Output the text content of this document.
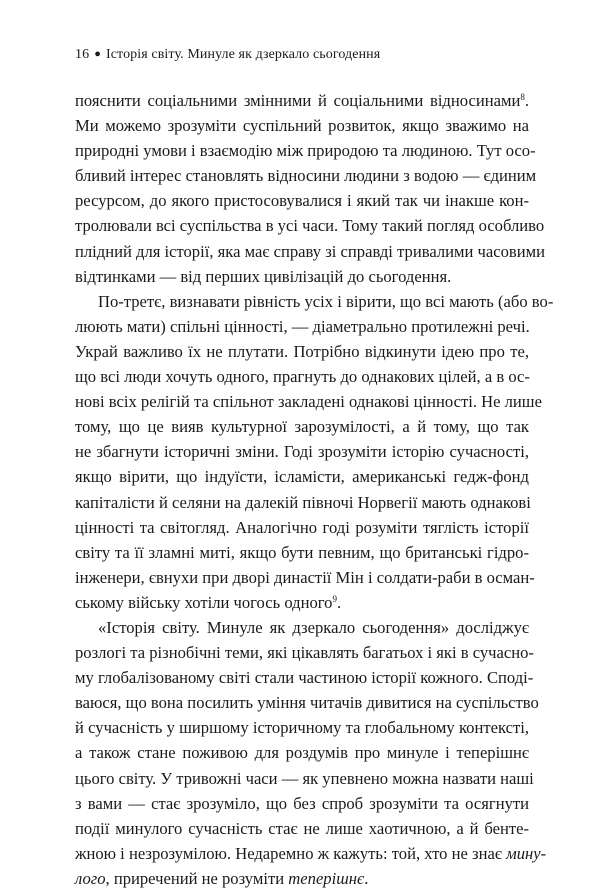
16 ● Історія світу. Минуле як дзеркало сьогодення
пояснити соціальними змінними й соціальними відносинами$^8$.
Ми можемо зрозуміти суспільний розвиток, якщо зважимо на
природні умови і взаємодію між природою та людиною. Тут осо-
бливий інтерес становлять відносини людини з водою — єдиним
ресурсом, до якого пристосовувалися і який так чи інакше кон-
тролювали всі суспільства в усі часи. Тому такий погляд особливо
плідний для історії, яка має справу зі справді тривалими часовими
відтинками — від перших цивілізацій до сьогодення.
По-третє, визнавати рівність усіх і вірити, що всі мають (або во-
люють мати) спільні цінності, — діаметрально протилежні речі.
Украй важливо їх не плутати. Потрібно відкинути ідею про те,
що всі люди хочуть одного, прагнуть до однакових цілей, а в ос-
нові всіх релігій та спільнот закладені однакові цінності. Не лише
тому, що це вияв культурної зарозумілості, а й тому, що так
не збагнути історичні зміни. Годі зрозуміти історію сучасності,
якщо вірити, що індуїсти, ісламісти, американські гедж-фонд
капіталісти й селяни на далекій півночі Норвегії мають однакові
цінності та світогляд. Аналогічно годі розуміти тяглість історії
світу та її зламні миті, якщо бути певним, що британські гідро-
інженери, євнухи при дворі династії Мін і солдати-раби в осман-
ському війську хотіли чогось одного$^9$.
«Історія світу. Минуле як дзеркало сьогодення» досліджує
розлогі та різнобічні теми, які цікавлять багатьох і які в сучасно-
му глобалізованому світі стали частиною історії кожного. Сподi-
ваюся, що вона посилить уміння читачів дивитися на суспільство
й сучасність у ширшому історичному та глобальному контексті,
а також стане поживою для роздумів про минуле і теперішнє
цього світу. У тривожні часи — як упевнено можна назвати наші
з вами — стає зрозуміло, що без спроб зрозуміти та осягнути
події минулого сучасність стає не лише хаотичною, а й бенте-
жною і незрозумілою. Недаремно ж кажуть: той, хто не знає мину-
лого, приречений не розуміти теперішнє.
